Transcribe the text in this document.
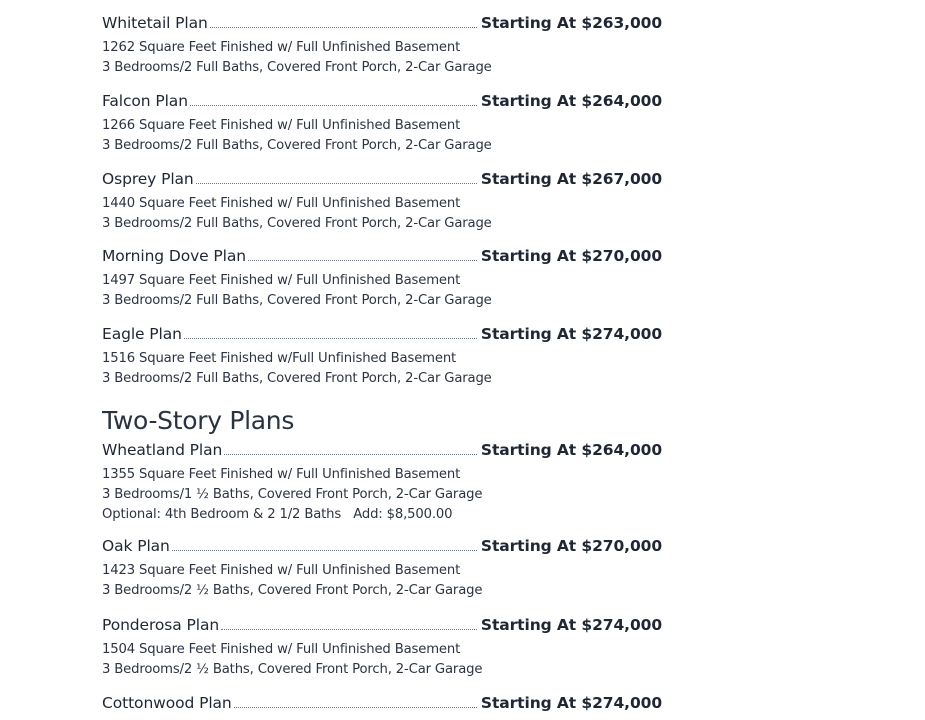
Whitetail Plan	Starting At $263,000
1262 Square Feet Finished w/ Full Unfinished Basement
3 Bedrooms/2 Full Baths, Covered Front Porch, 2-Car Garage
Falcon Plan	Starting At $264,000
1266 Square Feet Finished w/ Full Unfinished Basement
3 Bedrooms/2 Full Baths, Covered Front Porch, 2-Car Garage
Osprey Plan	Starting At $267,000
1440 Square Feet Finished w/ Full Unfinished Basement
3 Bedrooms/2 Full Baths, Covered Front Porch, 2-Car Garage
Morning Dove Plan	Starting At $270,000
1497 Square Feet Finished w/ Full Unfinished Basement
3 Bedrooms/2 Full Baths, Covered Front Porch, 2-Car Garage
Eagle Plan	Starting At $274,000
1516 Square Feet Finished w/Full Unfinished Basement
3 Bedrooms/2 Full Baths, Covered Front Porch, 2-Car Garage
Two-Story Plans
Wheatland Plan	Starting At $264,000
1355 Square Feet Finished w/ Full Unfinished Basement
3 Bedrooms/1 ½ Baths, Covered Front Porch, 2-Car Garage
Optional: 4th Bedroom & 2 1/2 Baths   Add: $8,500.00
Oak Plan	Starting At $270,000
1423 Square Feet Finished w/ Full Unfinished Basement
3 Bedrooms/2 ½ Baths, Covered Front Porch, 2-Car Garage
Ponderosa Plan	Starting At $274,000
1504 Square Feet Finished w/ Full Unfinished Basement
3 Bedrooms/2 ½ Baths, Covered Front Porch, 2-Car Garage
Cottonwood Plan	Starting At $274,000
